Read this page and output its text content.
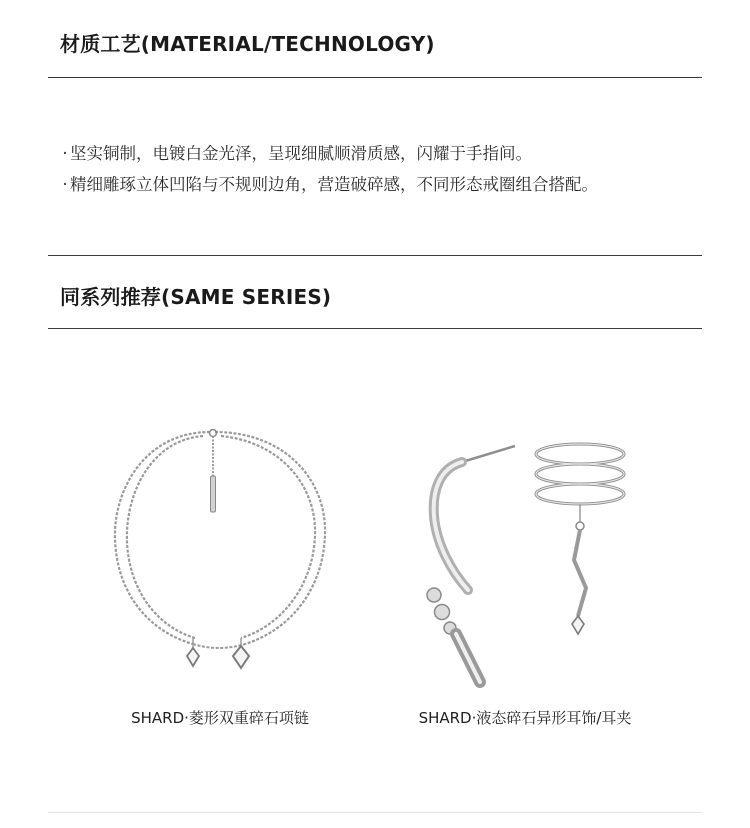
材质工艺(MATERIAL/TECHNOLOGY)
· 坚实铜制，电镀白金光泽，呈现细腻顺滑质感，闪耀于手指间。
· 精细雕琢立体凹陷与不规则边角，营造破碎感，不同形态戒圈组合搭配。
同系列推荐(SAME SERIES)
SHARD·菱形双重碎石项链	SHARD·液态碎石异形耳饰/耳夹
